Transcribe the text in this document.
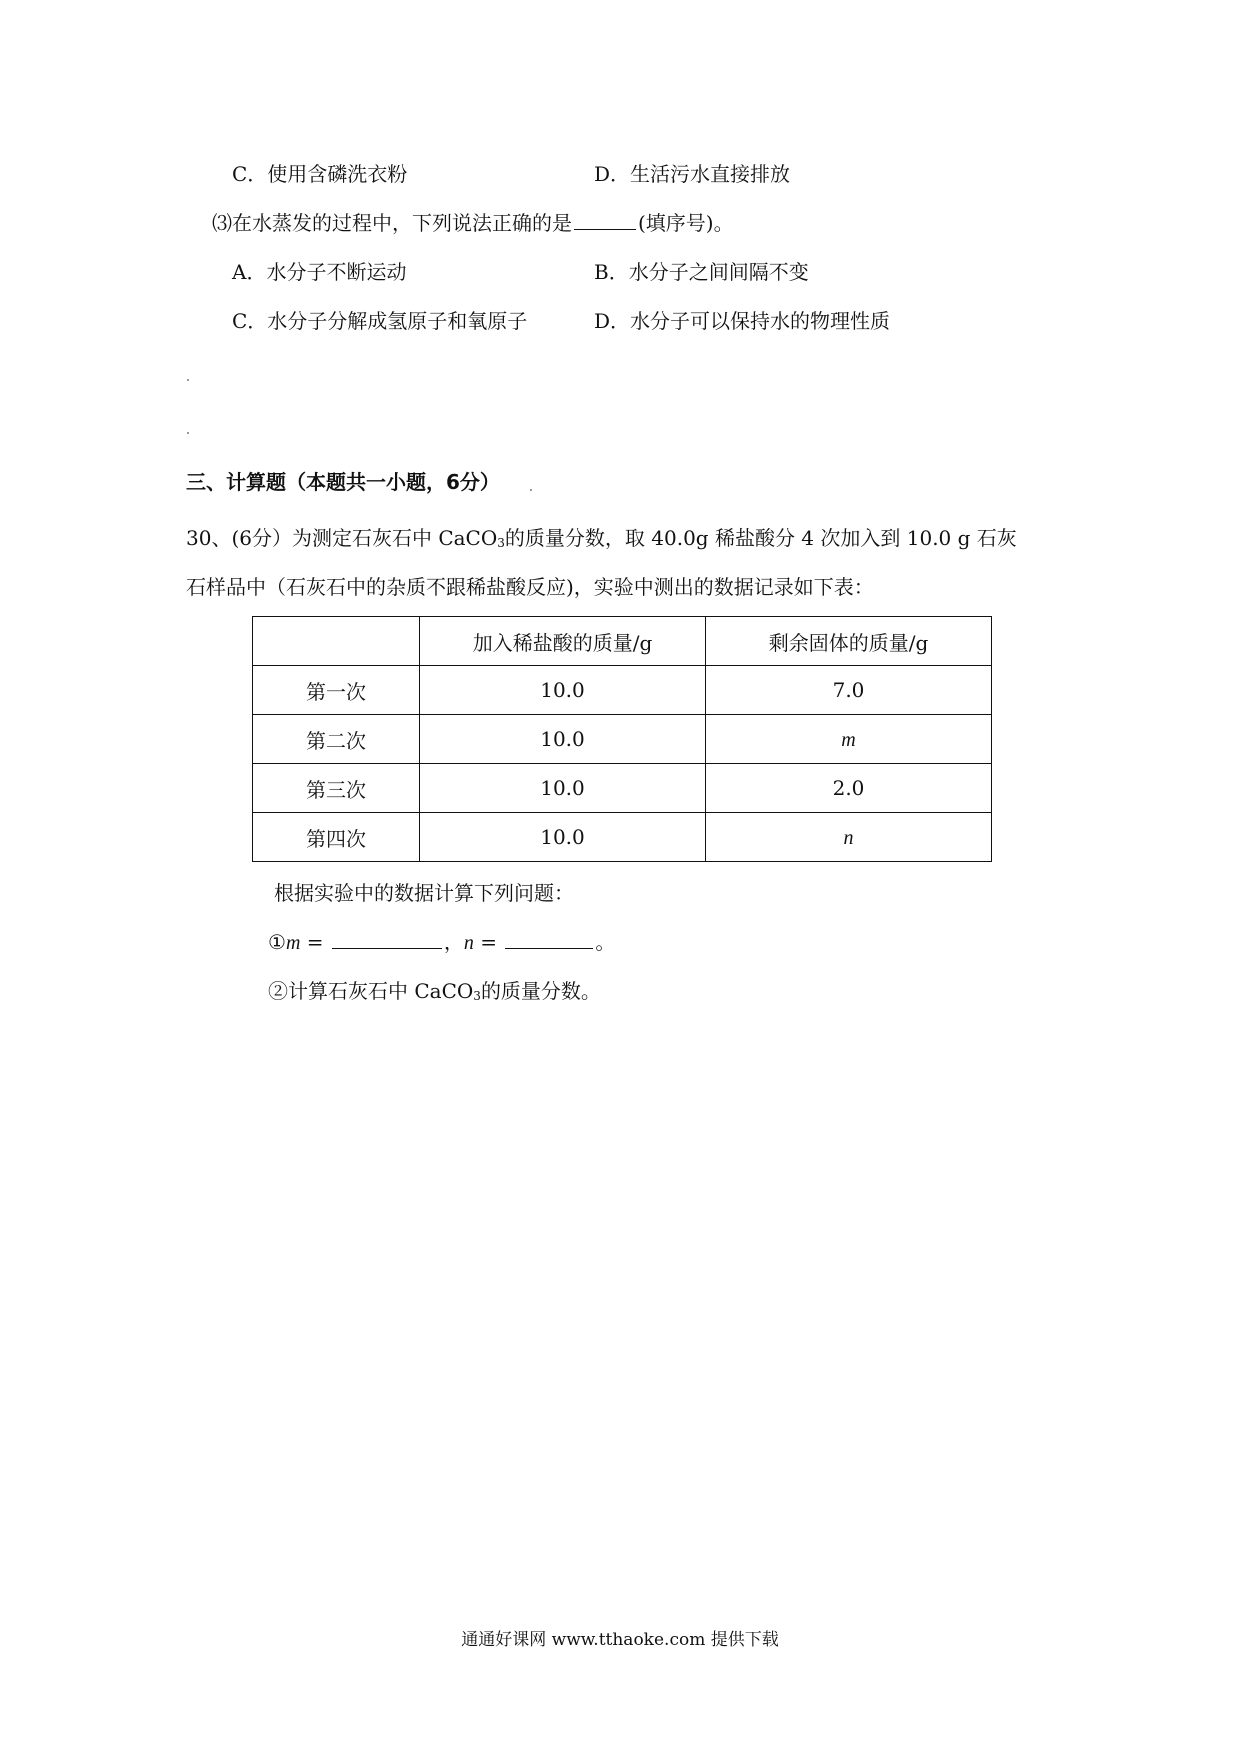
C．使用含磷洗衣粉	D．生活污水直接排放
⑶在水蒸发的过程中，下列说法正确的是	(填序号)。
A．水分子不断运动	B．水分子之间间隔不变
C．水分子分解成氢原子和氧原子	D．水分子可以保持水的物理性质
三、计算题（本题共一小题，6分）
30、(6分）为测定石灰石中 CaCO$_3$的质量分数，取 40.0g 稀盐酸分 4 次加入到 10.0 g 石灰
石样品中（石灰石中的杂质不跟稀盐酸反应)，实验中测出的数据记录如下表：
	加入稀盐酸的质量/g	剩余固体的质量/g
第一次	10.0	7.0
第二次	10.0	m
第三次	10.0	2.0
第四次	10.0	n
根据实验中的数据计算下列问题：
①m =	，n =	。
②计算石灰石中 CaCO$_3$的质量分数。
通通好课网 www.tthaoke.com 提供下载
